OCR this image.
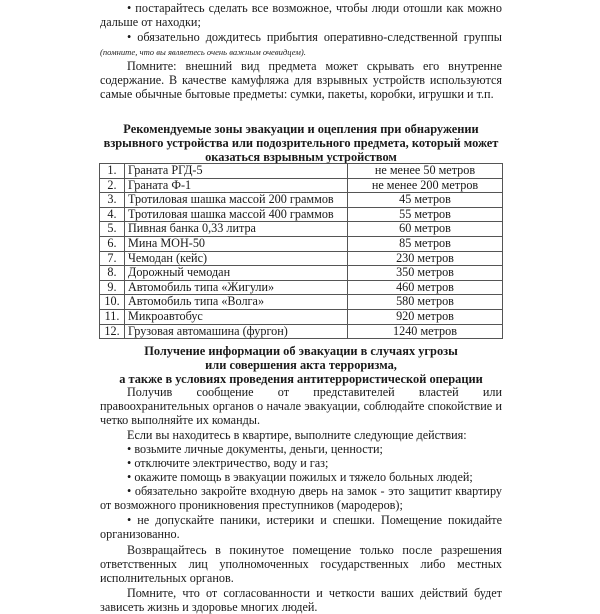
• постарайтесь сделать все возможное, чтобы люди отошли как можно дальше от находки;

• обязательно дождитесь прибытия оперативно-следственной группы (помните, что вы являетесь очень важным очевидцем).

Помните: внешний вид предмета может скрывать его внутренне содержание. В качестве камуфляжа для взрывных устройств используются самые обычные бытовые предметы: сумки, пакеты, коробки, игрушки и т.п.

Рекомендуемые зоны эвакуации и оцепления при обнаружении взрывного устройства или подозрительного предмета, который может оказаться взрывным устройством

1.	Граната РГД-5	не менее 50 метров
2.	Граната Ф-1	не менее 200 метров
3.	Тротиловая шашка массой 200 граммов	45 метров
4.	Тротиловая шашка массой 400 граммов	55 метров
5.	Пивная банка 0,33 литра	60 метров
6.	Мина МОН-50	85 метров
7.	Чемодан (кейс)	230 метров
8.	Дорожный чемодан	350 метров
9.	Автомобиль типа «Жигули»	460 метров
10.	Автомобиль типа «Волга»	580 метров
11.	Микроавтобус	920 метров
12.	Грузовая автомашина (фургон)	1240 метров
Получение информации об эвакуации в случаях угрозы
или совершения акта терроризма,
а также в условиях проведения антитеррористической операции

Получив сообщение от представителей властей или правоохранительных органов о начале эвакуации, соблюдайте спокойствие и четко выполняйте их команды.

Если вы находитесь в квартире, выполните следующие действия:

• возьмите личные документы, деньги, ценности;

• отключите электричество, воду и газ;

• окажите помощь в эвакуации пожилых и тяжело больных людей;

• обязательно закройте входную дверь на замок - это защитит квартиру от возможного проникновения преступников (мародеров);

• не допускайте паники, истерики и спешки. Помещение покидайте организованно.

Возвращайтесь в покинутое помещение только после разрешения ответственных лиц уполномоченных государственных либо местных исполнительных органов.

Помните, что от согласованности и четкости ваших действий будет зависеть жизнь и здоровье многих людей.
